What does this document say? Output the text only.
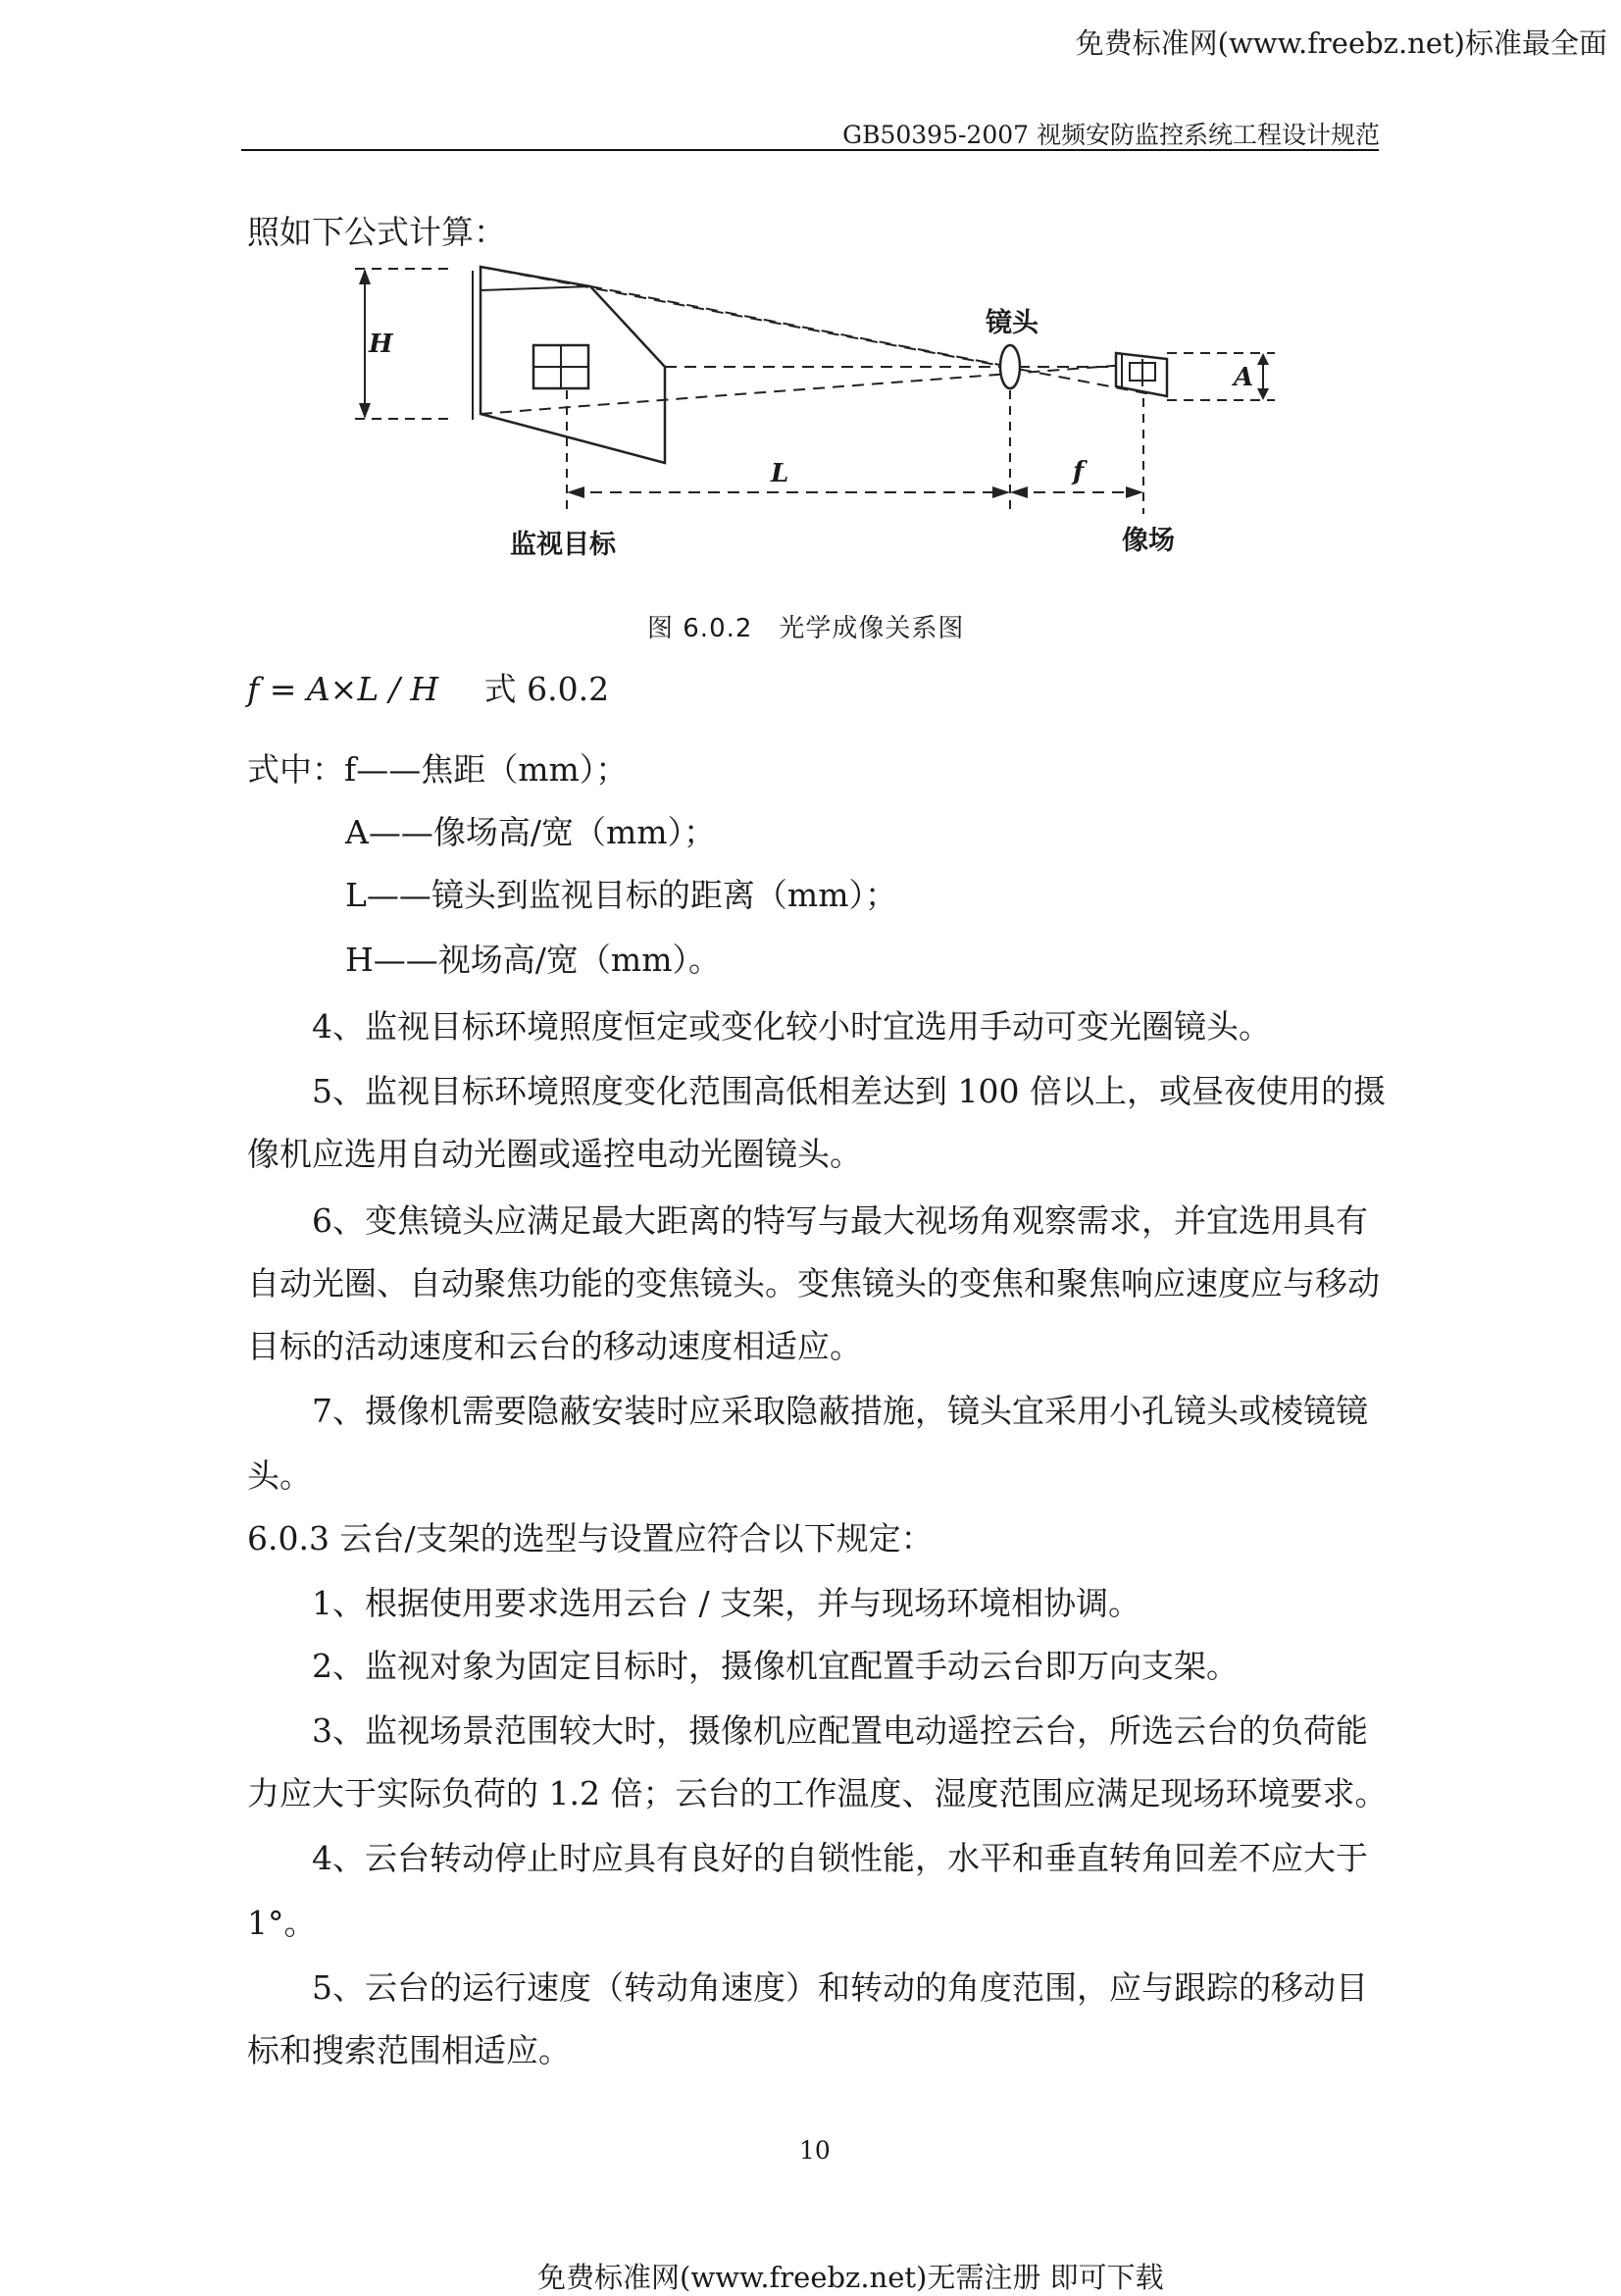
免费标准网(www.freebz.net)标准最全面
GB50395-2007 视频安防监控系统工程设计规范
照如下公式计算：
H
A
L	f
镜头
监视目标	像场
图 6.0.2　光学成像关系图
f = A×L / H 式 6.0.2
式中：f——焦距（mm）；
A——像场高/宽（mm）；
L——镜头到监视目标的距离（mm）；
H——视场高/宽（mm）。
4、监视目标环境照度恒定或变化较小时宜选用手动可变光圈镜头。
5、监视目标环境照度变化范围高低相差达到 100 倍以上，或昼夜使用的摄
像机应选用自动光圈或遥控电动光圈镜头。
6、变焦镜头应满足最大距离的特写与最大视场角观察需求，并宜选用具有
自动光圈、自动聚焦功能的变焦镜头。变焦镜头的变焦和聚焦响应速度应与移动
目标的活动速度和云台的移动速度相适应。
7、摄像机需要隐蔽安装时应采取隐蔽措施，镜头宜采用小孔镜头或棱镜镜
头。
6.0.3 云台/支架的选型与设置应符合以下规定：
1、根据使用要求选用云台 / 支架，并与现场环境相协调。
2、监视对象为固定目标时，摄像机宜配置手动云台即万向支架。
3、监视场景范围较大时，摄像机应配置电动遥控云台，所选云台的负荷能
力应大于实际负荷的 1.2 倍；云台的工作温度、湿度范围应满足现场环境要求。
4、云台转动停止时应具有良好的自锁性能，水平和垂直转角回差不应大于
1°。
5、云台的运行速度（转动角速度）和转动的角度范围，应与跟踪的移动目
标和搜索范围相适应。
10
免费标准网(www.freebz.net)无需注册 即可下载
